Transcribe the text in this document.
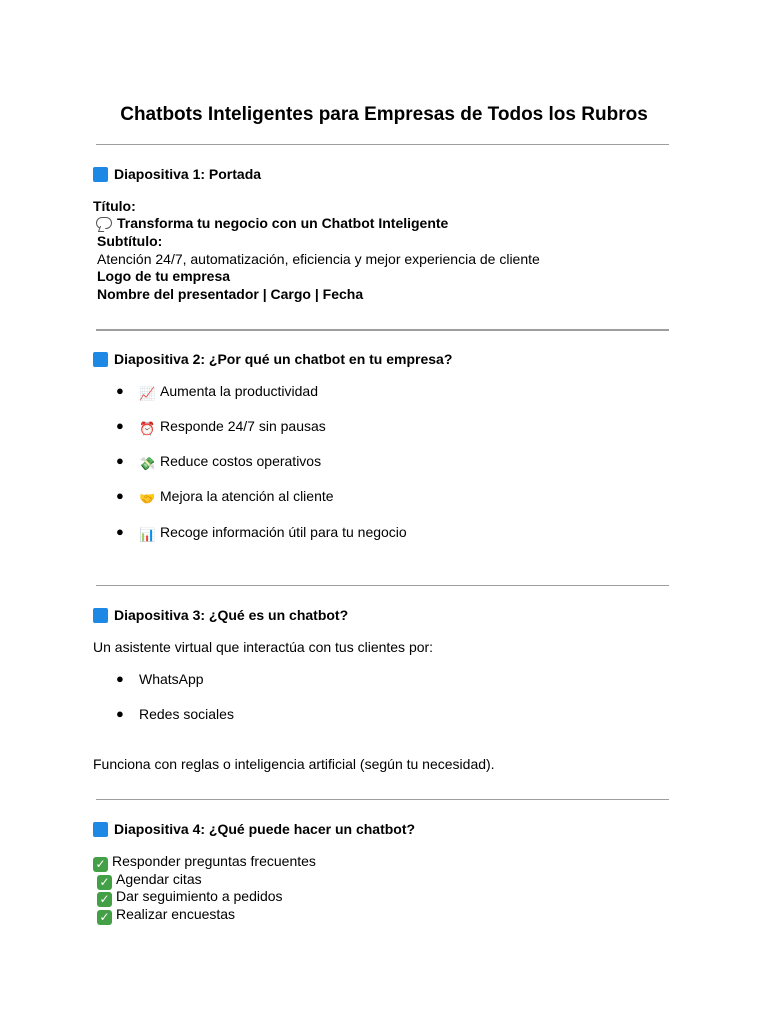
Chatbots Inteligentes para Empresas de Todos los Rubros
Diapositiva 1: Portada
Título:
Transforma tu negocio con un Chatbot Inteligente
Subtítulo:
Atención 24/7, automatización, eficiencia y mejor experiencia de cliente
Logo de tu empresa
Nombre del presentador | Cargo | Fecha
Diapositiva 2: ¿Por qué un chatbot en tu empresa?
● 📈 Aumenta la productividad
● ⏰ Responde 24/7 sin pausas
● 💸 Reduce costos operativos
● 🤝 Mejora la atención al cliente
● 📊 Recoge información útil para tu negocio
Diapositiva 3: ¿Qué es un chatbot?
Un asistente virtual que interactúa con tus clientes por:
● WhatsApp
● Redes sociales
Funciona con reglas o inteligencia artificial (según tu necesidad).
Diapositiva 4: ¿Qué puede hacer un chatbot?
✓ Responder preguntas frecuentes
✓ Agendar citas
✓ Dar seguimiento a pedidos
✓ Realizar encuestas
